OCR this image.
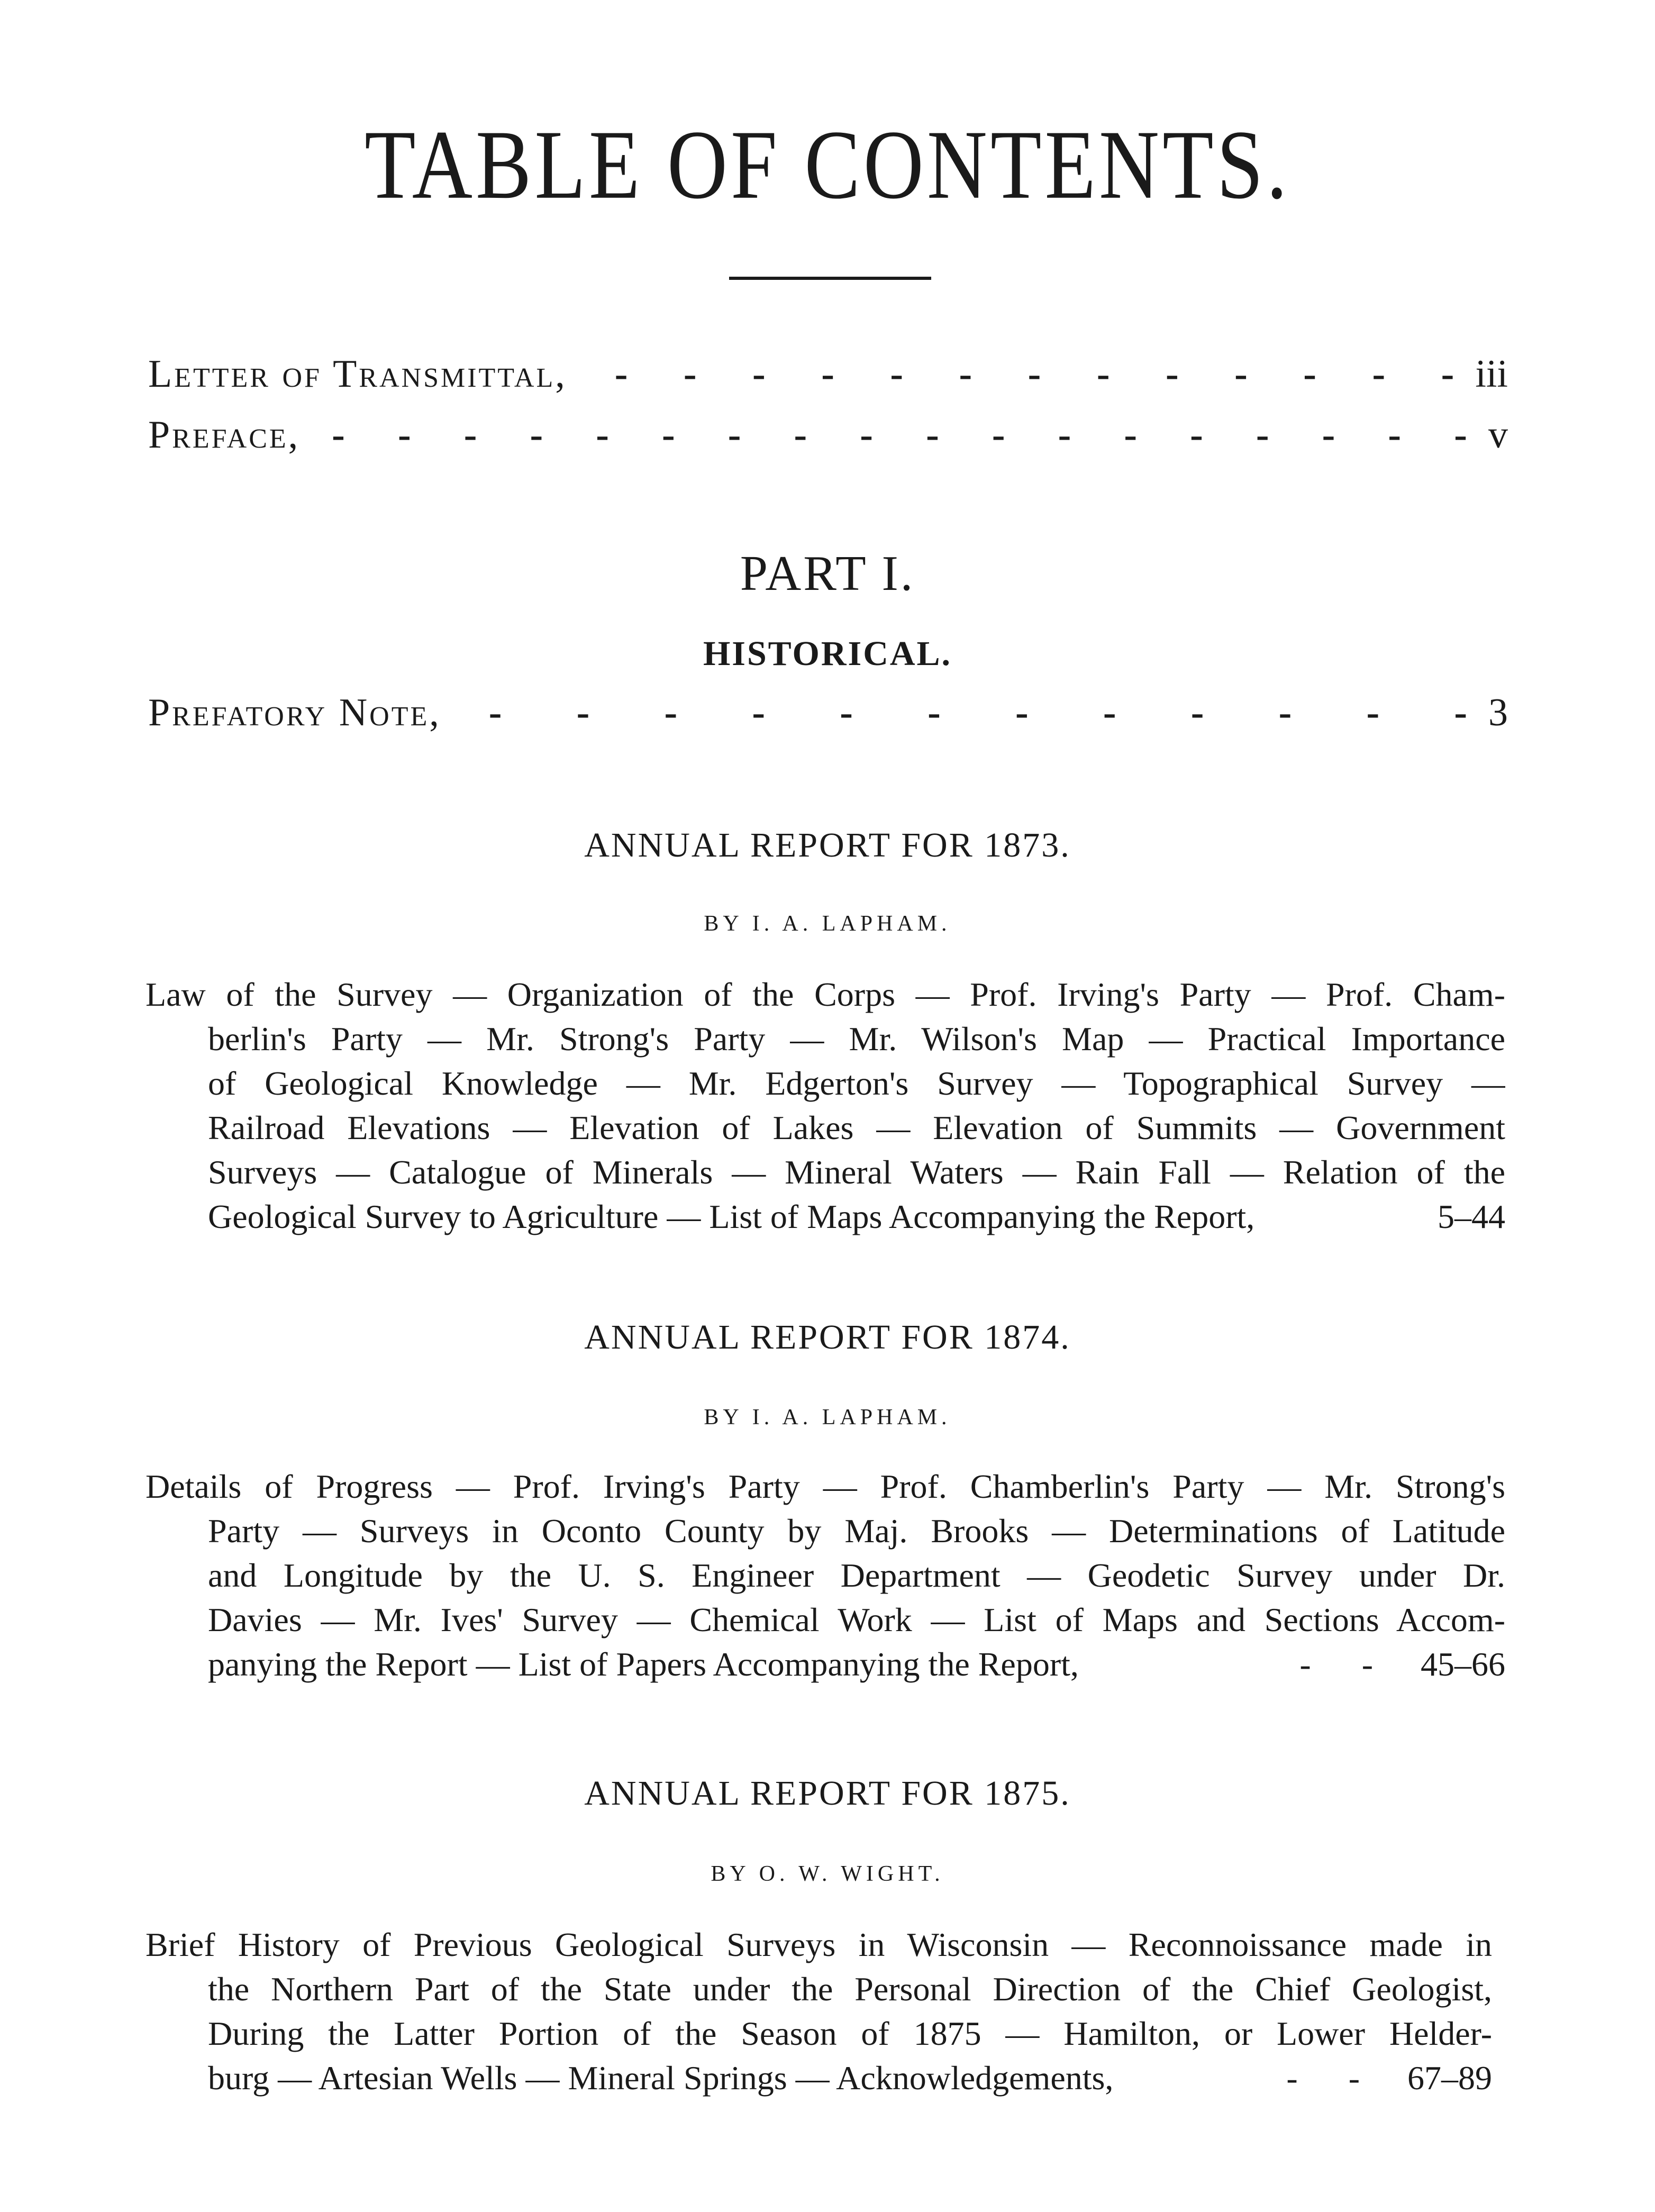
TABLE OF CONTENTS.
Letter of Transmittal, - - - - - - - - - - - - - iii
Preface, - - - - - - - - - - - - - - - - - - v
PART I.
HISTORICAL.
Prefatory Note, - - - - - - - - - - - - 3
ANNUAL REPORT FOR 1873.
BY I. A. LAPHAM.
Law of the Survey — Organization of the Corps — Prof. Irving's Party — Prof. Cham-
berlin's Party — Mr. Strong's Party — Mr. Wilson's Map — Practical Importance
of Geological Knowledge — Mr. Edgerton's Survey — Topographical Survey —
Railroad Elevations — Elevation of Lakes — Elevation of Summits — Government
Surveys — Catalogue of Minerals — Mineral Waters — Rain Fall — Relation of the
Geological Survey to Agriculture — List of Maps Accompanying the Report,	5–44
ANNUAL REPORT FOR 1874.
BY I. A. LAPHAM.
Details of Progress — Prof. Irving's Party — Prof. Chamberlin's Party — Mr. Strong's
Party — Surveys in Oconto County by Maj. Brooks — Determinations of Latitude
and Longitude by the U. S. Engineer Department — Geodetic Survey under Dr.
Davies — Mr. Ives' Survey — Chemical Work — List of Maps and Sections Accom-
panying the Report — List of Papers Accompanying the Report,	45–66
-      -
ANNUAL REPORT FOR 1875.
BY O. W. WIGHT.
Brief History of Previous Geological Surveys in Wisconsin — Reconnoissance made in
the Northern Part of the State under the Personal Direction of the Chief Geologist,
During the Latter Portion of the Season of 1875 — Hamilton, or Lower Helder-
burg — Artesian Wells — Mineral Springs — Acknowledgements,	67–89
-      -
